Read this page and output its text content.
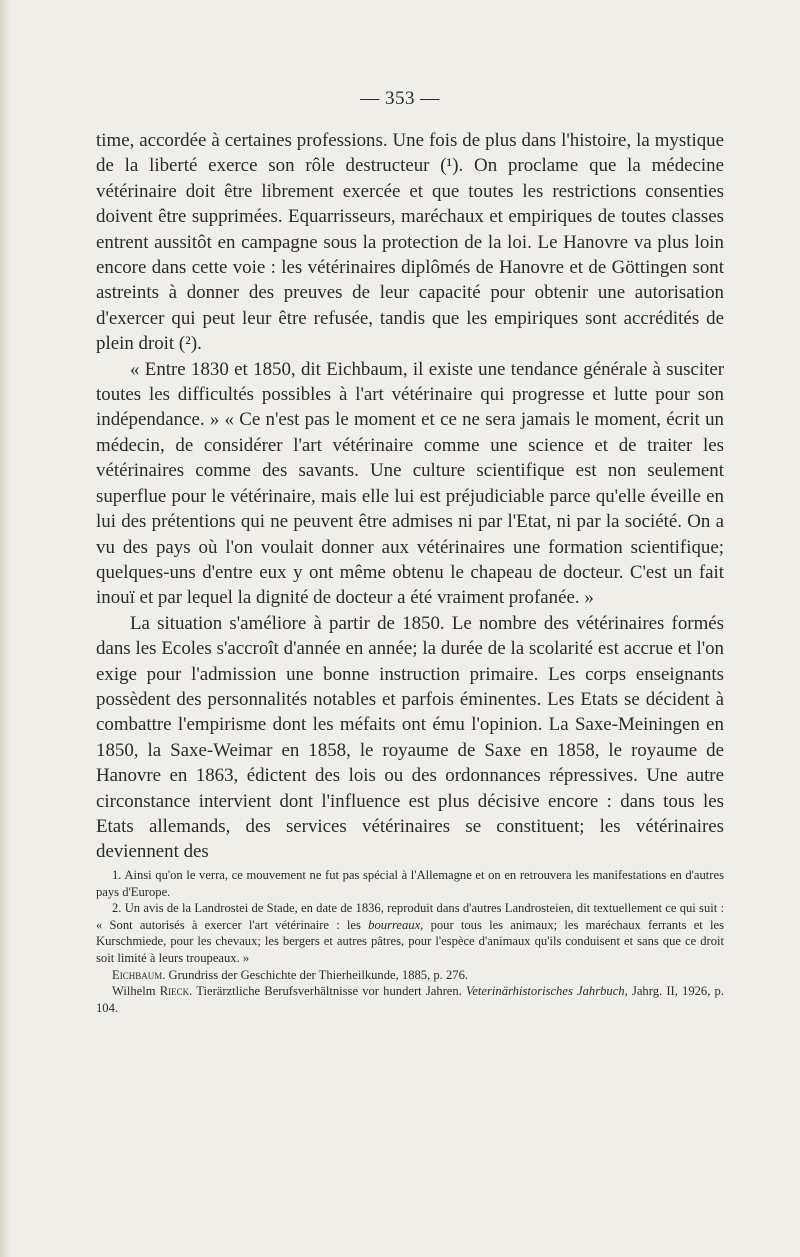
— 353 —

time, accordée à certaines professions. Une fois de plus dans l'histoire, la mystique de la liberté exerce son rôle destructeur (¹). On proclame que la médecine vétérinaire doit être librement exercée et que toutes les restrictions consenties doivent être supprimées. Equarrisseurs, maréchaux et empiriques de toutes classes entrent aussitôt en campagne sous la protection de la loi. Le Hanovre va plus loin encore dans cette voie : les vétérinaires diplômés de Hanovre et de Göttingen sont astreints à donner des preuves de leur capacité pour obtenir une autorisation d'exercer qui peut leur être refusée, tandis que les empiriques sont accrédités de plein droit (²).

« Entre 1830 et 1850, dit Eichbaum, il existe une tendance générale à susciter toutes les difficultés possibles à l'art vétérinaire qui progresse et lutte pour son indépendance. » « Ce n'est pas le moment et ce ne sera jamais le moment, écrit un médecin, de considérer l'art vétérinaire comme une science et de traiter les vétérinaires comme des savants. Une culture scientifique est non seulement superflue pour le vétérinaire, mais elle lui est préjudiciable parce qu'elle éveille en lui des prétentions qui ne peuvent être admises ni par l'Etat, ni par la société. On a vu des pays où l'on voulait donner aux vétérinaires une formation scientifique; quelques-uns d'entre eux y ont même obtenu le chapeau de docteur. C'est un fait inouï et par lequel la dignité de docteur a été vraiment profanée. »

La situation s'améliore à partir de 1850. Le nombre des vétérinaires formés dans les Ecoles s'accroît d'année en année; la durée de la scolarité est accrue et l'on exige pour l'admission une bonne instruction primaire. Les corps enseignants possèdent des personnalités notables et parfois éminentes. Les Etats se décident à combattre l'empirisme dont les méfaits ont ému l'opinion. La Saxe-Meiningen en 1850, la Saxe-Weimar en 1858, le royaume de Saxe en 1858, le royaume de Hanovre en 1863, édictent des lois ou des ordonnances répressives. Une autre circonstance intervient dont l'influence est plus décisive encore : dans tous les Etats allemands, des services vétérinaires se constituent; les vétérinaires deviennent des

1. Ainsi qu'on le verra, ce mouvement ne fut pas spécial à l'Allemagne et on en retrouvera les manifestations en d'autres pays d'Europe.

2. Un avis de la Landrostei de Stade, en date de 1836, reproduit dans d'autres Landrosteien, dit textuellement ce qui suit : « Sont autorisés à exercer l'art vétérinaire : les bourreaux, pour tous les animaux; les maréchaux ferrants et les Kurschmiede, pour les chevaux; les bergers et autres pâtres, pour l'espèce d'animaux qu'ils conduisent et sans que ce droit soit limité à leurs troupeaux. »

Eichbaum. Grundriss der Geschichte der Thierheilkunde, 1885, p. 276.

Wilhelm Rieck. Tierärztliche Berufsverhältnisse vor hundert Jahren. Veterinärhistorisches Jahrbuch, Jahrg. II, 1926, p. 104.
